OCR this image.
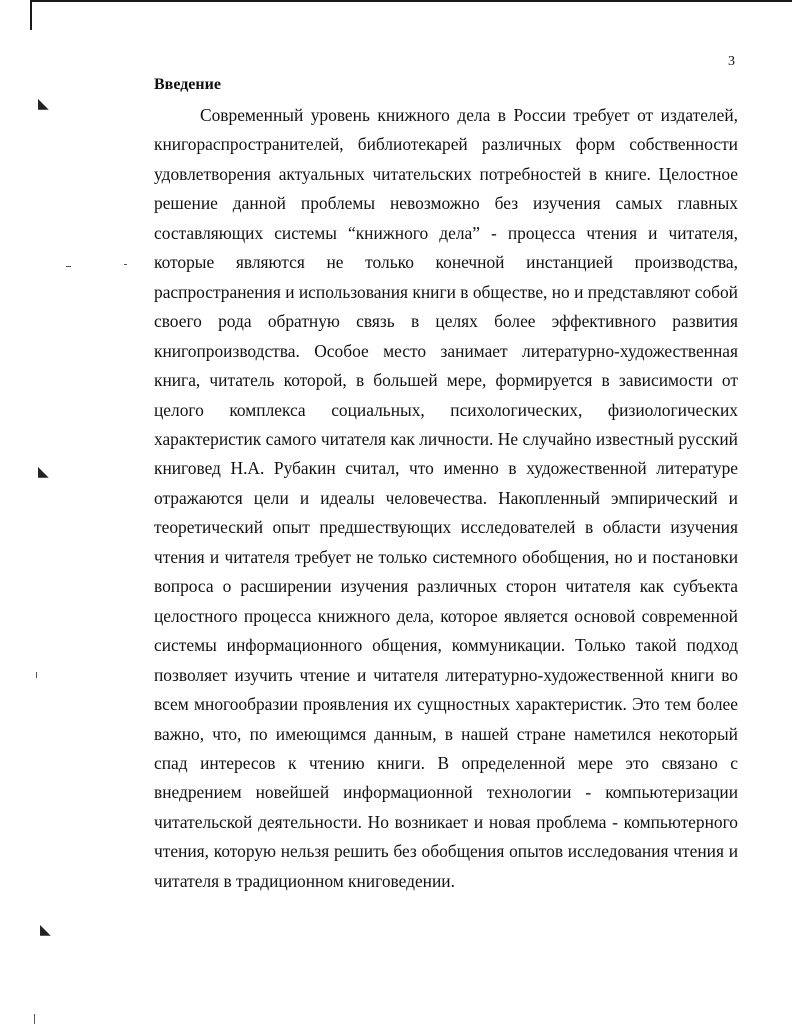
3
Введение

Современный уровень книжного дела в России требует от издателей, книгораспространителей, библиотекарей различных форм собственности удовлетворения актуальных читательских потребностей в книге. Целостное решение данной проблемы невозможно без изучения самых главных составляющих системы “книжного дела” - процесса чтения и читателя, которые являются не только конечной инстанцией производства, распространения и использования книги в обществе, но и представляют собой своего рода обратную связь в целях более эффективного развития книгопроизводства. Особое место занимает литературно-художественная книга, читатель которой, в большей мере, формируется в зависимости от целого комплекса социальных, психологических, физиологических характеристик самого читателя как личности. Не случайно известный русский книговед Н.А. Рубакин считал, что именно в художественной литературе отражаются цели и идеалы человечества. Накопленный эмпирический и теоретический опыт предшествующих исследователей в области изучения чтения и читателя требует не только системного обобщения, но и постановки вопроса о расширении изучения различных сторон читателя как субъекта целостного процесса книжного дела, которое является основой современной системы информационного общения, коммуникации. Только такой подход позволяет изучить чтение и читателя литературно-художественной книги во всем многообразии проявления их сущностных характеристик. Это тем более важно, что, по имеющимся данным, в нашей стране наметился некоторый спад интересов к чтению книги. В определенной мере это связано с внедрением новейшей информационной технологии - компьютеризации читательской деятельности. Но возникает и новая проблема - компьютерного чтения, которую нельзя решить без обобщения опытов исследования чтения и читателя в традиционном книговедении.

◣
◣
◣
